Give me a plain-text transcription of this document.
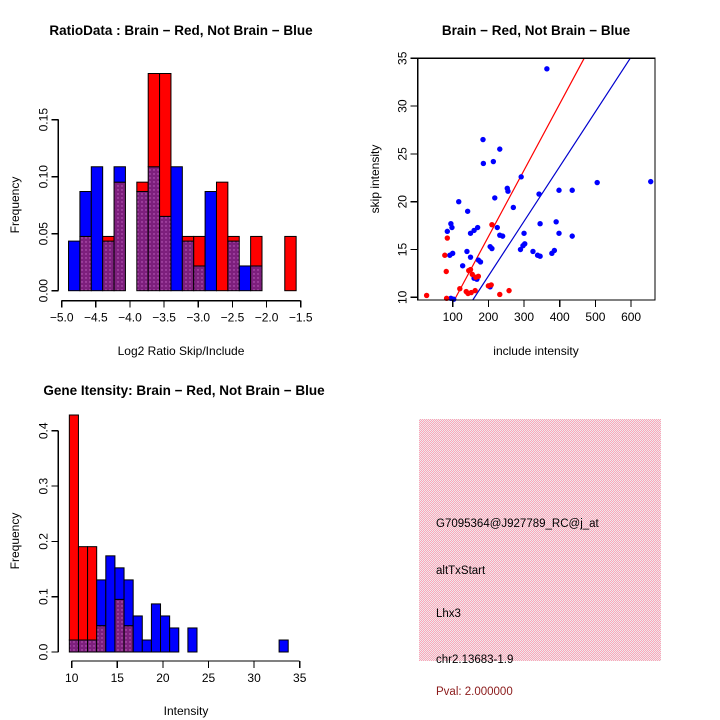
−5.0 −4.5 −4.0 −3.5 −3.0 −2.5 −2.0 −1.5
0.00
0.05
0.10
0.15
RatioData : Brain − Red, Not Brain − Blue
Log2 Ratio Skip/Include
Frequency
100 200 300 400 500 600
10
15
20
25
30
35
Brain − Red, Not Brain − Blue
include intensity
skip intensity
10	15	20	25	30	35
0.0
0.1
0.2
0.3
0.4
Gene Itensity: Brain − Red, Not Brain − Blue
Intensity
Frequency	G7095364@J927789_RC@j_at
altTxStart
Lhx3
chr2.13683-1.9
Pval: 2.000000
